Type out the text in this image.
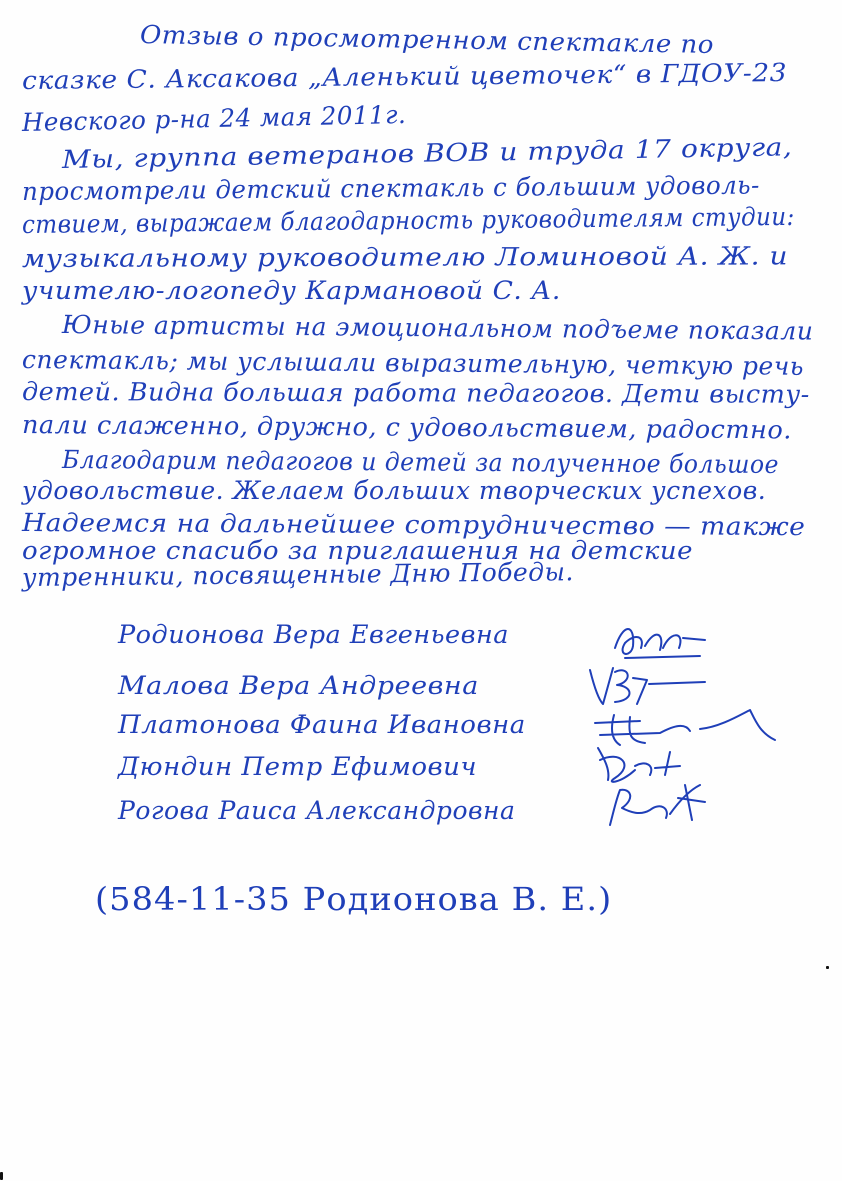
Отзыв о просмотренном спектакле по
сказке С. Аксакова „Аленький цветочек“ в ГДОУ-23
Невского р-на 24 мая 2011г.
Мы, группа ветеранов ВОВ и труда 17 округа,
просмотрели детский спектакль с большим удоволь-
ствием, выражаем благодарность руководителям студии:
музыкальному руководителю Ломиновой А. Ж. и
учителю-логопеду Кармановой С. А.
Юные артисты на эмоциональном подъеме показали
спектакль; мы услышали выразительную, четкую речь
детей. Видна большая работа педагогов. Дети высту-
пали слаженно, дружно, с удовольствием, радостно.
Благодарим педагогов и детей за полученное большое
удовольствие. Желаем больших творческих успехов.
Надеемся на дальнейшее сотрудничество — также
огромное спасибо за приглашения на детские
утренники, посвященные Дню Победы.
Родионова Вера Евгеньевна
Малова Вера Андреевна
Платонова Фаина Ивановна
Дюндин Петр Ефимович
Рогова Раиса Александровна
(584-11-35 Родионова В. Е.)
